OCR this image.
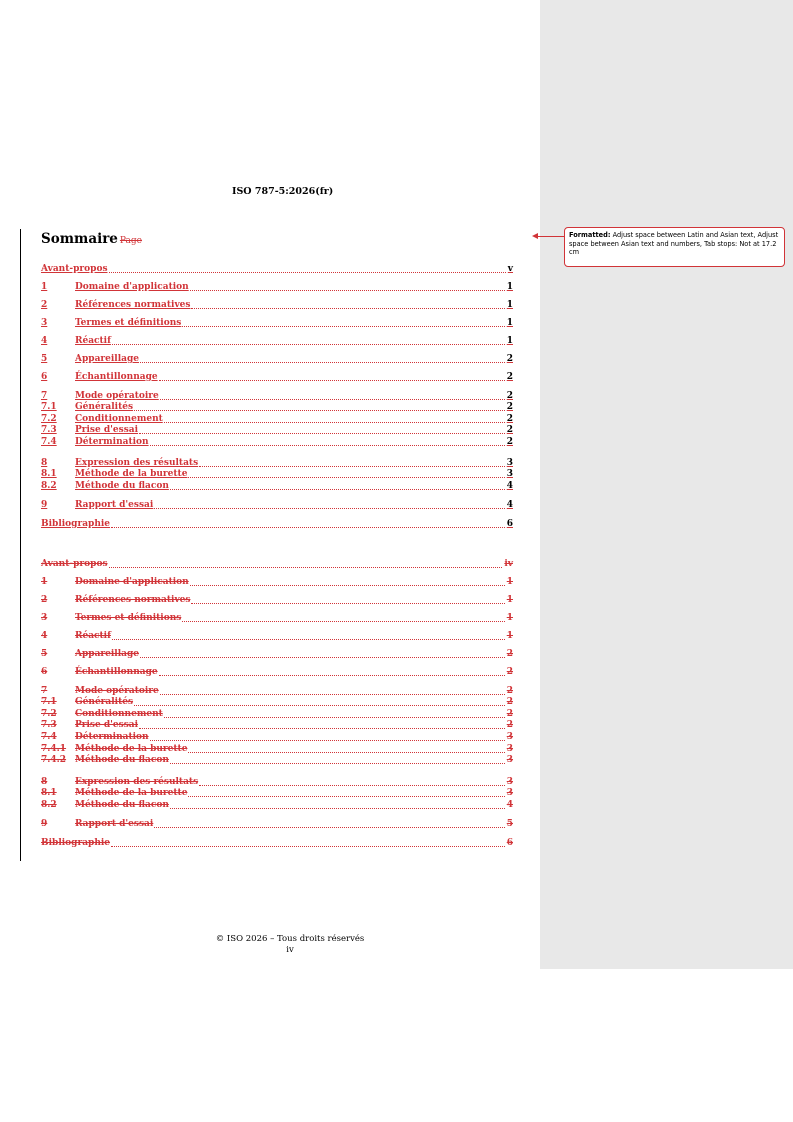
ISO 787-5:2026(fr)
Sommaire Page
Avant-propos	v
1	Domaine d'application	1
2	Références normatives	1
3	Termes et définitions	1
4	Réactif	1
5	Appareillage	2
6	Échantillonnage	2
7	Mode opératoire	2
7.1	Généralités	2
7.2	Conditionnement	2
7.3	Prise d'essai	2
7.4	Détermination	2
8	Expression des résultats	3
8.1	Méthode de la burette	3
8.2	Méthode du flacon	4
9	Rapport d'essai	4
Bibliographie	6
Avant-propos	iv
1	Domaine d'application	1
2	Références normatives	1
3	Termes et définitions	1
4	Réactif	1
5	Appareillage	2
6	Échantillonnage	2
7	Mode opératoire	2
7.1	Généralités	2
7.2	Conditionnement	2
7.3	Prise d'essai	2
7.4	Détermination	3
7.4.1 Méthode de la burette	3
7.4.2 Méthode du flacon	3
8	Expression des résultats	3
8.1	Méthode de la burette	3
8.2	Méthode du flacon	4
9	Rapport d'essai	5
Bibliographie	6
Formatted: Adjust space between Latin and Asian text, Adjust space between Asian text and numbers, Tab stops: Not at 17.2 cm
© ISO 2026 – Tous droits réservés
iv
